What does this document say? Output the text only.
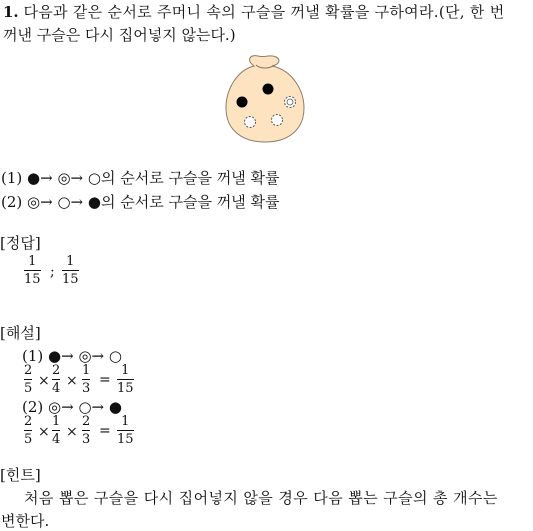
1. 다음과 같은 순서로 주머니 속의 구슬을 꺼낼 확률을 구하여라.(단, 한 번
꺼낸 구슬은 다시 집어넣지 않는다.)
(1) ●→ ◎→ ○의 순서로 구슬을 꺼낼 확률
(2) ◎→ ○→ ●의 순서로 구슬을 꺼낼 확률
[정답]
1
15 ;
1
15
[해설]
(1) ●→ ◎→ ○
2
5 ×
2
4 ×
1
3
=
1
15
(2) ◎→ ○→ ●
2
5 ×
1
4 ×
2
3
=
1
15
[힌트]
처음 뽑은 구슬을 다시 집어넣지 않을 경우 다음 뽑는 구슬의 총 개수는
변한다.
